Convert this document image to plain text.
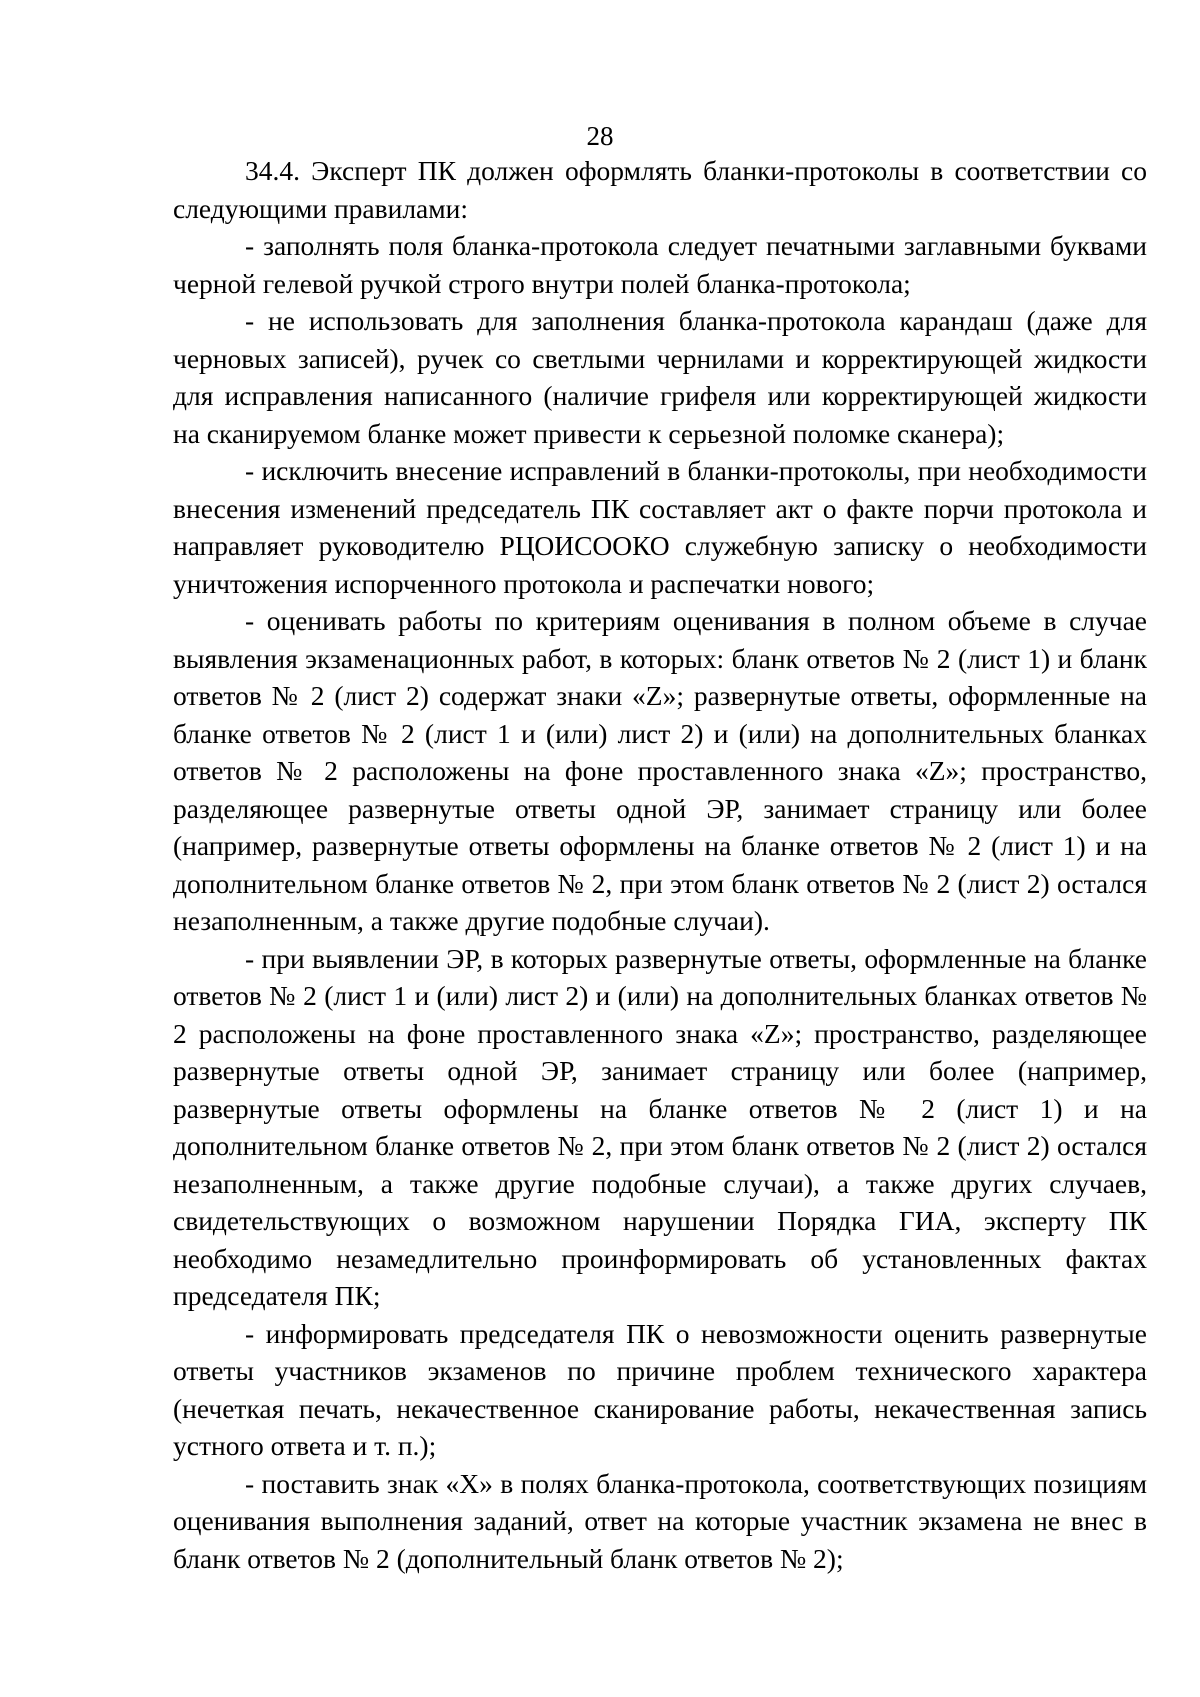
28

34.4. Эксперт ПК должен оформлять бланки-протоколы в соответствии со следующими правилами:

- заполнять поля бланка-протокола следует печатными заглавными буквами черной гелевой ручкой строго внутри полей бланка-протокола;

- не использовать для заполнения бланка-протокола карандаш (даже для черновых записей), ручек со светлыми чернилами и корректирующей жидкости для исправления написанного (наличие грифеля или корректирующей жидкости на сканируемом бланке может привести к серьезной поломке сканера);

- исключить внесение исправлений в бланки-протоколы, при необходимости внесения изменений председатель ПК составляет акт о факте порчи протокола и направляет руководителю РЦОИСООКО служебную записку о необходимости уничтожения испорченного протокола и распечатки нового;

- оценивать работы по критериям оценивания в полном объеме в случае выявления экзаменационных работ, в которых: бланк ответов № 2 (лист 1) и бланк ответов № 2 (лист 2) содержат знаки «Z»; развернутые ответы, оформленные на бланке ответов № 2 (лист 1 и (или) лист 2) и (или) на дополнительных бланках ответов № 2 расположены на фоне проставленного знака «Z»; пространство, разделяющее развернутые ответы одной ЭР, занимает страницу или более (например, развернутые ответы оформлены на бланке ответов № 2 (лист 1) и на дополнительном бланке ответов № 2, при этом бланк ответов № 2 (лист 2) остался незаполненным, а также другие подобные случаи).

- при выявлении ЭР, в которых развернутые ответы, оформленные на бланке ответов № 2 (лист 1 и (или) лист 2) и (или) на дополнительных бланках ответов № 2 расположены на фоне проставленного знака «Z»; пространство, разделяющее развернутые ответы одной ЭР, занимает страницу или более (например, развернутые ответы оформлены на бланке ответов № 2 (лист 1) и на дополнительном бланке ответов № 2, при этом бланк ответов № 2 (лист 2) остался незаполненным, а также другие подобные случаи), а также других случаев, свидетельствующих о возможном нарушении Порядка ГИА, эксперту ПК необходимо незамедлительно проинформировать об установленных фактах председателя ПК;

- информировать председателя ПК о невозможности оценить развернутые ответы участников экзаменов по причине проблем технического характера (нечеткая печать, некачественное сканирование работы, некачественная запись устного ответа и т. п.);

- поставить знак «X» в полях бланка-протокола, соответствующих позициям оценивания выполнения заданий, ответ на которые участник экзамена не внес в бланк ответов № 2 (дополнительный бланк ответов № 2);
